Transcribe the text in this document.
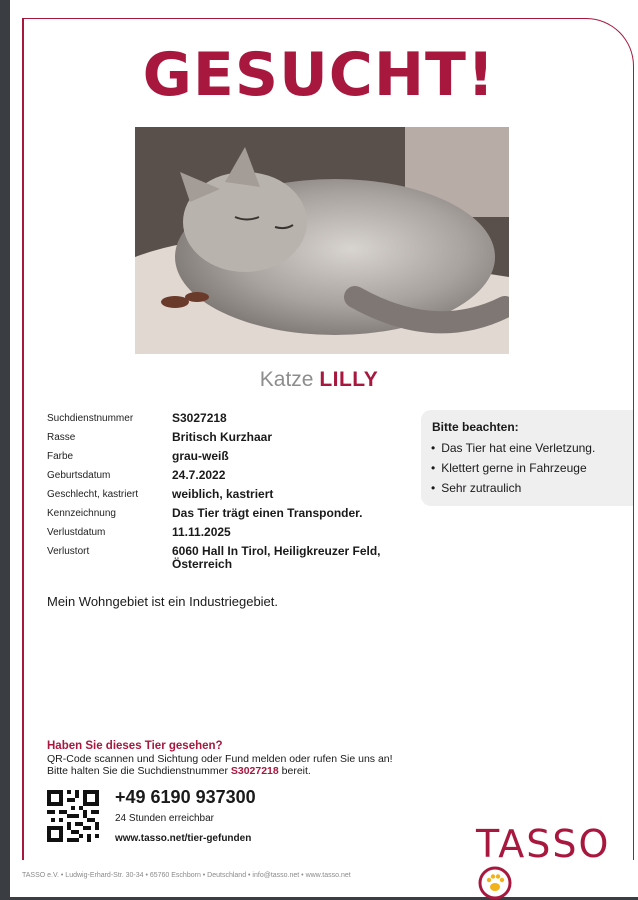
GESUCHT!
Katze LILLY
Suchdienstnummer	S3027218
Rasse	Britisch Kurzhaar
Farbe	grau-weiß
Geburtsdatum	24.7.2022
Geschlecht, kastriert	weiblich, kastriert
Kennzeichnung	Das Tier trägt einen Transponder.
Verlustdatum	11.11.2025
Verlustort	6060 Hall In Tirol, Heiligkreuzer Feld, Österreich
Bitte beachten:
• Das Tier hat eine Verletzung.
• Klettert gerne in Fahrzeuge
• Sehr zutraulich
Mein Wohngebiet ist ein Industriegebiet.
Haben Sie dieses Tier gesehen?
QR-Code scannen und Sichtung oder Fund melden oder rufen Sie uns an!
Bitte halten Sie die Suchdienstnummer S3027218 bereit.
+49 6190 937300
24 Stunden erreichbar
www.tasso.net/tier-gefunden	TASSO
TASSO e.V. • Ludwig-Erhard-Str. 30-34 • 65760 Eschborn • Deutschland • info@tasso.net • www.tasso.net
